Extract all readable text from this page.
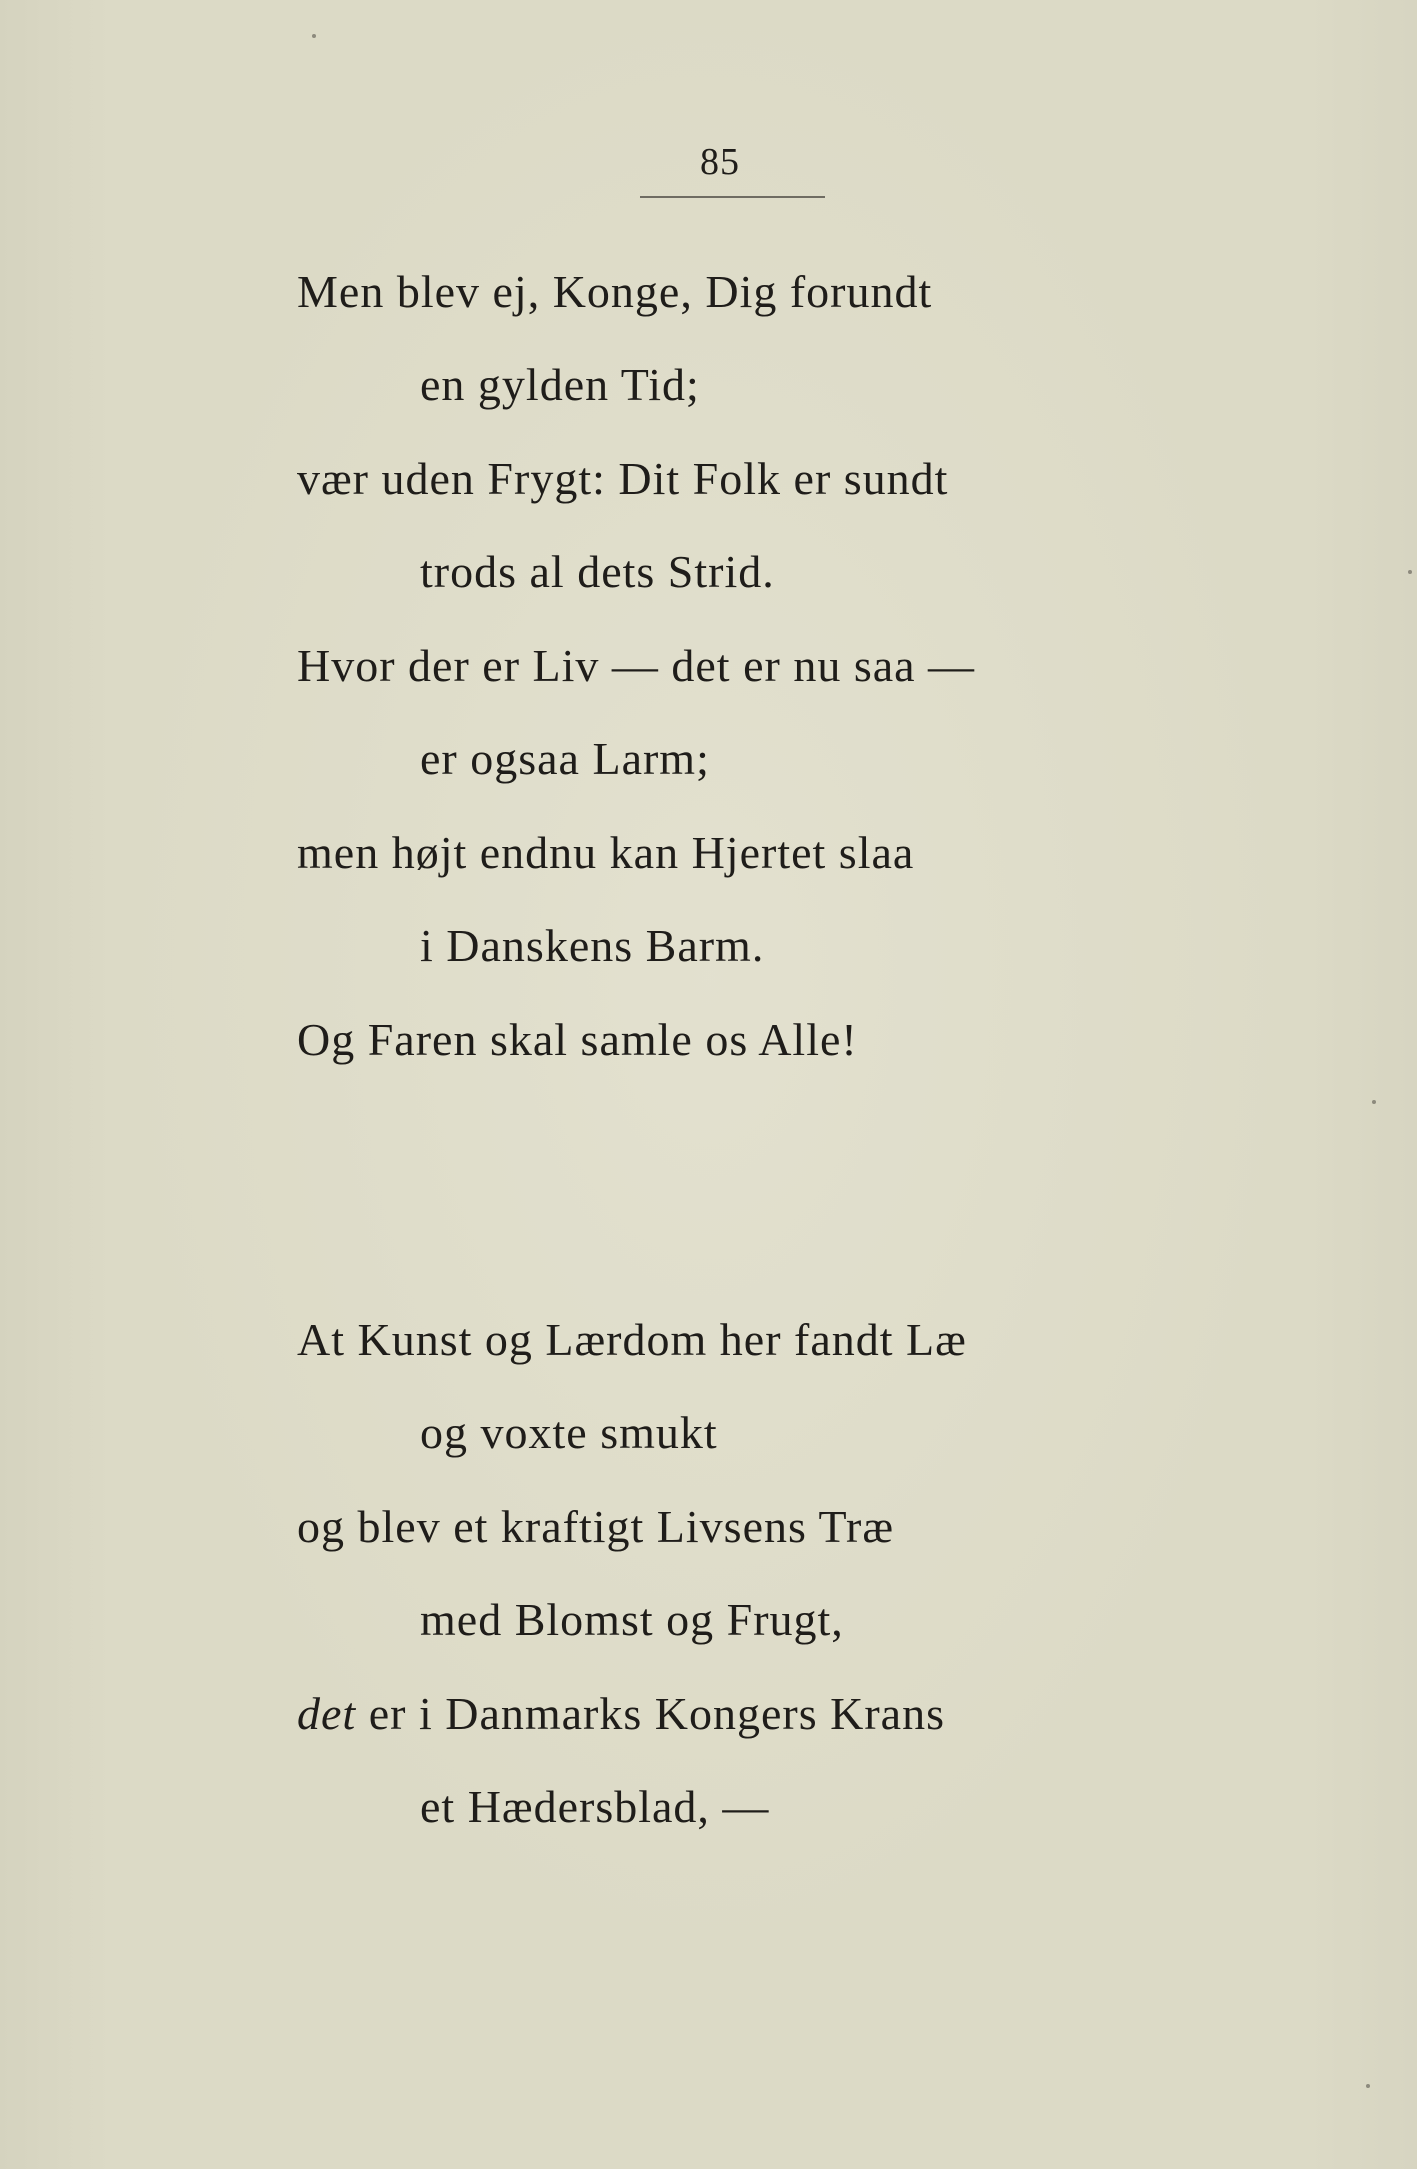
85
Men blev ej, Konge, Dig forundt
en gylden Tid;
vær uden Frygt: Dit Folk er sundt
trods al dets Strid.
Hvor der er Liv — det er nu saa —
er ogsaa Larm;
men højt endnu kan Hjertet slaa
i Danskens Barm.
Og Faren skal samle os Alle!
At Kunst og Lærdom her fandt Læ
og voxte smukt
og blev et kraftigt Livsens Træ
med Blomst og Frugt,
det er i Danmarks Kongers Krans
et Hædersblad, —
